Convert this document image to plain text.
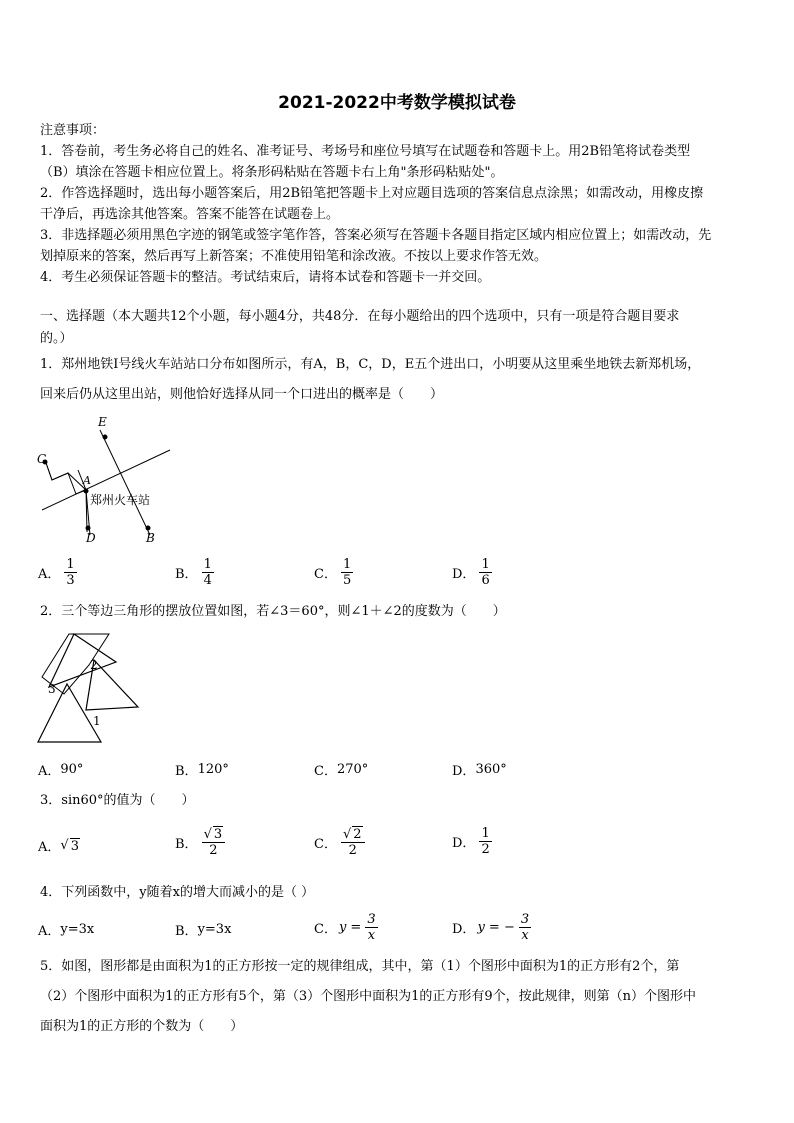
2021-2022中考数学模拟试卷
注意事项：
1．答卷前，考生务必将自己的姓名、准考证号、考场号和座位号填写在试题卷和答题卡上。用2B铅笔将试卷类型
（B）填涂在答题卡相应位置上。将条形码粘贴在答题卡右上角"条形码粘贴处"。
2．作答选择题时，选出每小题答案后，用2B铅笔把答题卡上对应题目选项的答案信息点涂黑；如需改动，用橡皮擦
干净后，再选涂其他答案。答案不能答在试题卷上。
3．非选择题必须用黑色字迹的钢笔或签字笔作答，答案必须写在答题卡各题目指定区域内相应位置上；如需改动，先
划掉原来的答案，然后再写上新答案；不准使用铅笔和涂改液。不按以上要求作答无效。
4．考生必须保证答题卡的整洁。考试结束后，请将本试卷和答题卡一并交回。
一、选择题（本大题共12个小题，每小题4分，共48分．在每小题给出的四个选项中，只有一项是符合题目要求
的。）
1．郑州地铁Ⅰ号线火车站站口分布如图所示，有A，B，C，D，E五个进出口，小明要从这里乘坐地铁去新郑机场，
回来后仍从这里出站，则他恰好选择从同一个口进出的概率是（　　）
E
C
A
郑州火车站
D	B
A． $\frac{1}{3}$	B． $\frac{1}{4}$	C． $\frac{1}{5}$	D． $\frac{1}{6}$
2．三个等边三角形的摆放位置如图，若∠3＝60°，则∠1＋∠2的度数为（　　）
2
3
1
A． 90°	B． 120°	C． 270°	D． 360°
3．sin60°的值为（　　）
A． √ 3	B． $\frac{√ 3}{2}$	C． $\frac{√ 2}{2}$	D． $\frac{1}{2}$
4．下列函数中，y随着x的增大而减小的是（ ）
A． y=3x	B． y=3x	C． $y = \frac{3}{x}$	D． y = − $\frac{3}{x}$
5．如图，图形都是由面积为1的正方形按一定的规律组成，其中，第（1）个图形中面积为1的正方形有2个，第
（2）个图形中面积为1的正方形有5个，第（3）个图形中面积为1的正方形有9个，按此规律，则第（n）个图形中
面积为1的正方形的个数为（　　）
